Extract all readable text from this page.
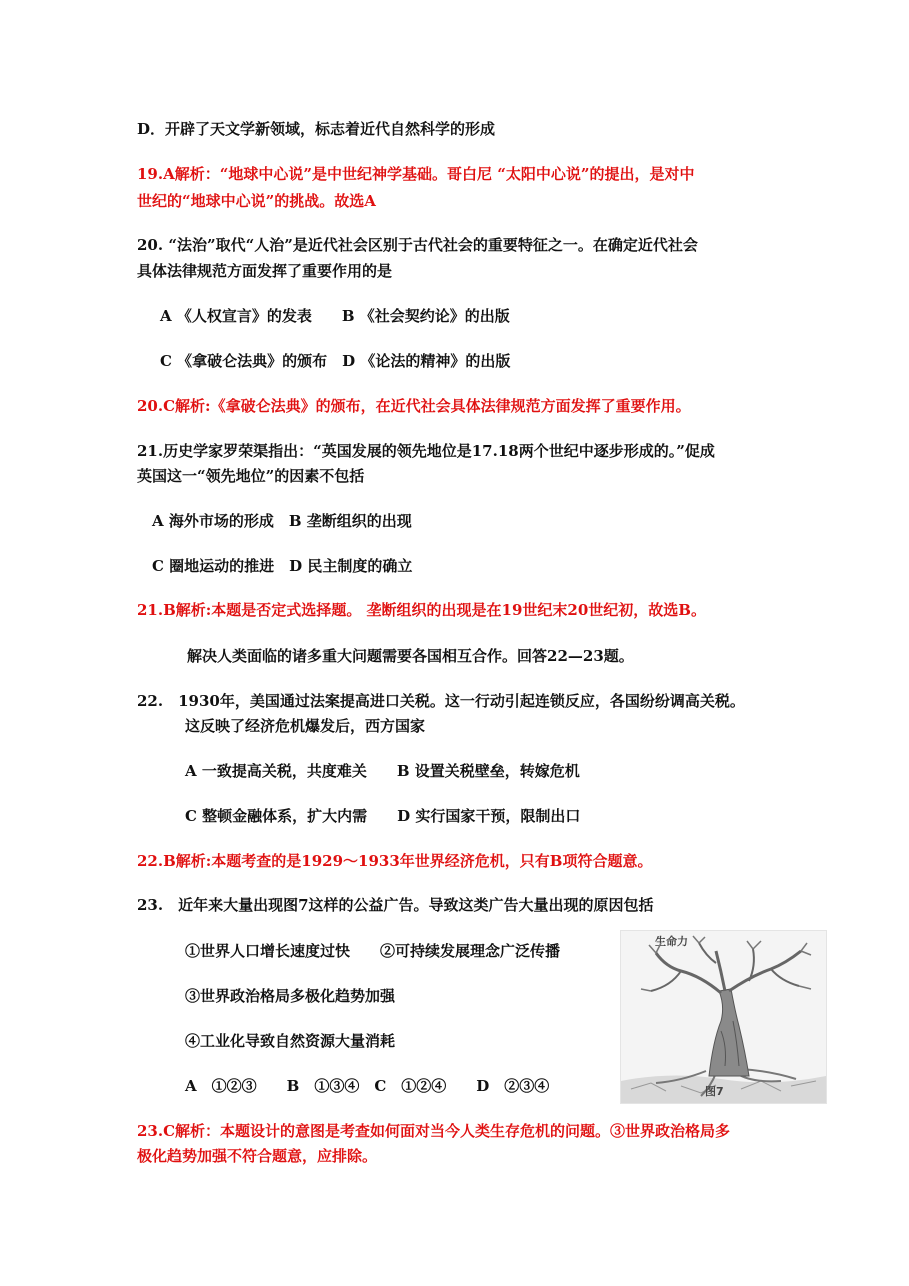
D．开辟了天文学新领域，标志着近代自然科学的形成
19.A解析：“地球中心说”是中世纪神学基础。哥白尼 “太阳中心说”的提出，是对中
世纪的“地球中心说”的挑战。故选A
20. “法治”取代“人治”是近代社会区别于古代社会的重要特征之一。在确定近代社会
具体法律规范方面发挥了重要作用的是
A 《人权宣言》的发表　　B 《社会契约论》的出版
C 《拿破仑法典》的颁布　D 《论法的精神》的出版
20.C解析:《拿破仑法典》的颁布，在近代社会具体法律规范方面发挥了重要作用。
21.历史学家罗荣渠指出：“英国发展的领先地位是17.18两个世纪中逐步形成的。”促成
英国这一“领先地位”的因素不包括
A 海外市场的形成　B 垄断组织的出现
C 圈地运动的推进　D 民主制度的确立
21.B解析:本题是否定式选择题。 垄断组织的出现是在19世纪末20世纪初，故选B。
解决人类面临的诸多重大问题需要各国相互合作。回答22—23题。
22.　1930年，美国通过法案提高进口关税。这一行动引起连锁反应，各国纷纷调高关税。
这反映了经济危机爆发后，西方国家
A 一致提高关税，共度难关　　B 设置关税壁垒，转嫁危机
C 整顿金融体系，扩大内需　　D 实行国家干预，限制出口
22.B解析:本题考查的是1929～1933年世界经济危机，只有B项符合题意。
23.　近年来大量出现图7这样的公益广告。导致这类广告大量出现的原因包括
①世界人口增长速度过快　　②可持续发展理念广泛传播
③世界政治格局多极化趋势加强
④工业化导致自然资源大量消耗
A　①②③　　B　①③④　C　①②④　　D　②③④
23.C解析：本题设计的意图是考查如何面对当今人类生存危机的问题。③世界政治格局多
极化趋势加强不符合题意，应排除。
生命力
图7
